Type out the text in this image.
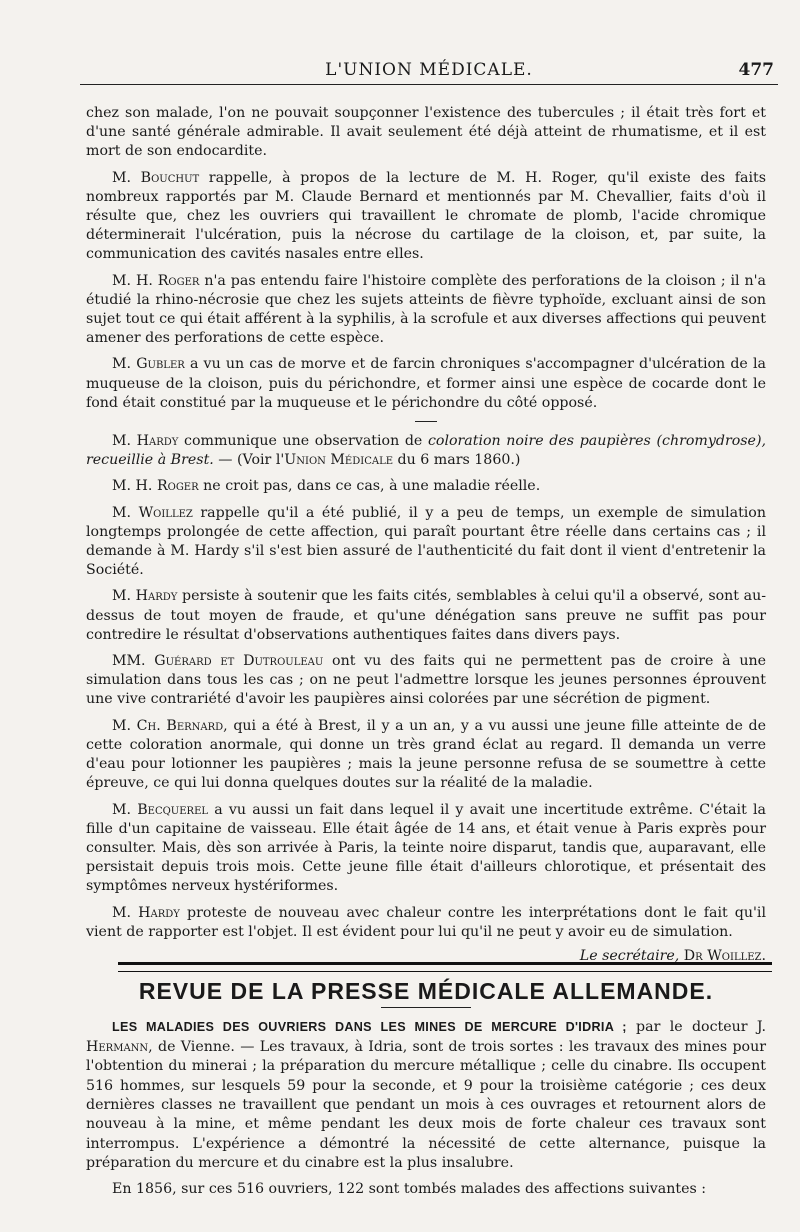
L'UNION MÉDICALE.	477

chez son malade, l'on ne pouvait soupçonner l'existence des tubercules ; il était très fort et d'une santé générale admirable. Il avait seulement été déjà atteint de rhumatisme, et il est mort de son endocardite.

M. Bouchut rappelle, à propos de la lecture de M. H. Roger, qu'il existe des faits nombreux rapportés par M. Claude Bernard et mentionnés par M. Chevallier, faits d'où il résulte que, chez les ouvriers qui travaillent le chromate de plomb, l'acide chromique déterminerait l'ulcération, puis la nécrose du cartilage de la cloison, et, par suite, la communication des cavités nasales entre elles.

M. H. Roger n'a pas entendu faire l'histoire complète des perforations de la cloison ; il n'a étudié la rhino-nécrosie que chez les sujets atteints de fièvre typhoïde, excluant ainsi de son sujet tout ce qui était afférent à la syphilis, à la scrofule et aux diverses affections qui peuvent amener des perforations de cette espèce.

M. Gubler a vu un cas de morve et de farcin chroniques s'accompagner d'ulcération de la muqueuse de la cloison, puis du périchondre, et former ainsi une espèce de cocarde dont le fond était constitué par la muqueuse et le périchondre du côté opposé.

M. Hardy communique une observation de coloration noire des paupières (chromydrose), recueillie à Brest. — (Voir l'Union Médicale du 6 mars 1860.)

M. H. Roger ne croit pas, dans ce cas, à une maladie réelle.

M. Woillez rappelle qu'il a été publié, il y a peu de temps, un exemple de simulation longtemps prolongée de cette affection, qui paraît pourtant être réelle dans certains cas ; il demande à M. Hardy s'il s'est bien assuré de l'authenticité du fait dont il vient d'entretenir la Société.

M. Hardy persiste à soutenir que les faits cités, semblables à celui qu'il a observé, sont au-dessus de tout moyen de fraude, et qu'une dénégation sans preuve ne suffit pas pour contredire le résultat d'observations authentiques faites dans divers pays.

MM. Guérard et Dutrouleau ont vu des faits qui ne permettent pas de croire à une simulation dans tous les cas ; on ne peut l'admettre lorsque les jeunes personnes éprouvent une vive contrariété d'avoir les paupières ainsi colorées par une sécrétion de pigment.

M. Ch. Bernard, qui a été à Brest, il y a un an, y a vu aussi une jeune fille atteinte de de cette coloration anormale, qui donne un très grand éclat au regard. Il demanda un verre d'eau pour lotionner les paupières ; mais la jeune personne refusa de se soumettre à cette épreuve, ce qui lui donna quelques doutes sur la réalité de la maladie.

M. Becquerel a vu aussi un fait dans lequel il y avait une incertitude extrême. C'était la fille d'un capitaine de vaisseau. Elle était âgée de 14 ans, et était venue à Paris exprès pour consulter. Mais, dès son arrivée à Paris, la teinte noire disparut, tandis que, auparavant, elle persistait depuis trois mois. Cette jeune fille était d'ailleurs chlorotique, et présentait des symptômes nerveux hystériformes.

M. Hardy proteste de nouveau avec chaleur contre les interprétations dont le fait qu'il vient de rapporter est l'objet. Il est évident pour lui qu'il ne peut y avoir eu de simulation.

Le secrétaire, Dr Woillez.
REVUE DE LA PRESSE MÉDICALE ALLEMANDE.

LES MALADIES DES OUVRIERS DANS LES MINES DE MERCURE D'IDRIA ; par le docteur J. Hermann, de Vienne. — Les travaux, à Idria, sont de trois sortes : les travaux des mines pour l'obtention du minerai ; la préparation du mercure métallique ; celle du cinabre. Ils occupent 516 hommes, sur lesquels 59 pour la seconde, et 9 pour la troisième catégorie ; ces deux dernières classes ne travaillent que pendant un mois à ces ouvrages et retournent alors de nouveau à la mine, et même pendant les deux mois de forte chaleur ces travaux sont interrompus. L'expérience a démontré la nécessité de cette alternance, puisque la préparation du mercure et du cinabre est la plus insalubre.

En 1856, sur ces 516 ouvriers, 122 sont tombés malades des affections suivantes :
